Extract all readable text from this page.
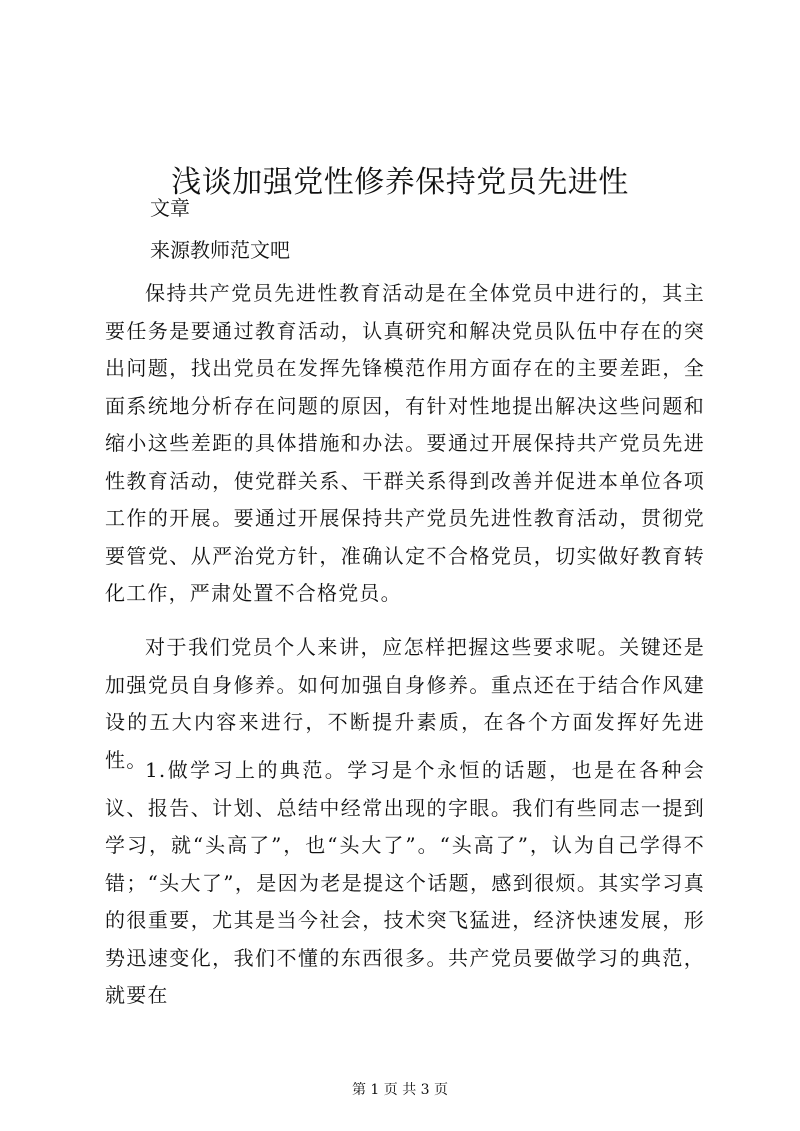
浅谈加强党性修养保持党员先进性
文章
来源教师范文吧

保持共产党员先进性教育活动是在全体党员中进行的，其主要任务是要通过教育活动，认真研究和解决党员队伍中存在的突出问题，找出党员在发挥先锋模范作用方面存在的主要差距，全面系统地分析存在问题的原因，有针对性地提出解决这些问题和缩小这些差距的具体措施和办法。要通过开展保持共产党员先进性教育活动，使党群关系、干群关系得到改善并促进本单位各项工作的开展。要通过开展保持共产党员先进性教育活动，贯彻党要管党、从严治党方针，准确认定不合格党员，切实做好教育转化工作，严肃处置不合格党员。

对于我们党员个人来讲，应怎样把握这些要求呢。关键还是加强党员自身修养。如何加强自身修养。重点还在于结合作风建设的五大内容来进行，不断提升素质，在各个方面发挥好先进性。

1.做学习上的典范。学习是个永恒的话题，也是在各种会议、报告、计划、总结中经常出现的字眼。我们有些同志一提到学习，就“头高了”，也“头大了”。“头高了”，认为自己学得不错；“头大了”，是因为老是提这个话题，感到很烦。其实学习真的很重要，尤其是当今社会，技术突飞猛进，经济快速发展，形势迅速变化，我们不懂的东西很多。共产党员要做学习的典范，就要在

第 1 页 共 3 页
